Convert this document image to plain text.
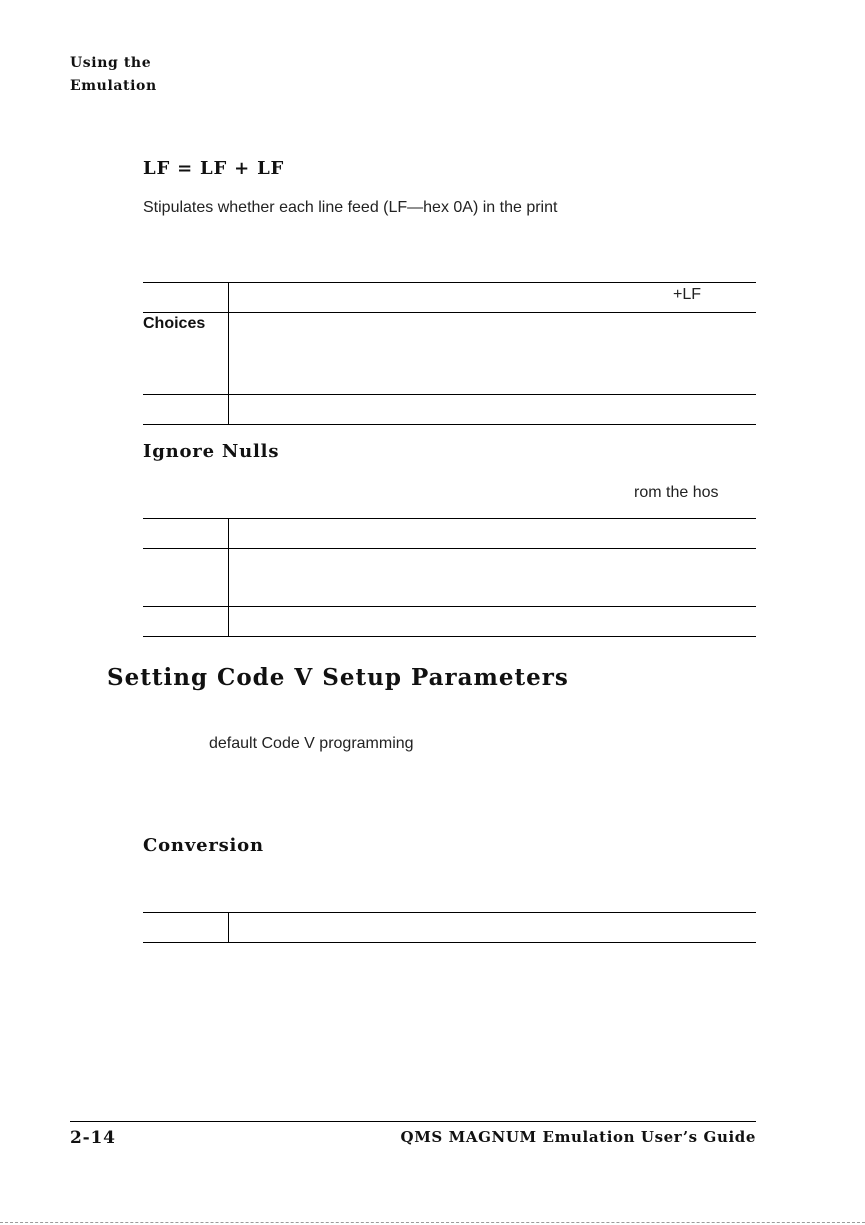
Using the
Emulation
LF = LF + LF
Stipulates whether each line feed (LF—hex 0A) in the print
+LF
Choices
Ignore Nulls
rom the hos
Setting Code V Setup Parameters
default Code V programming
Conversion
2-14	QMS MAGNUM Emulation User’s Guide
